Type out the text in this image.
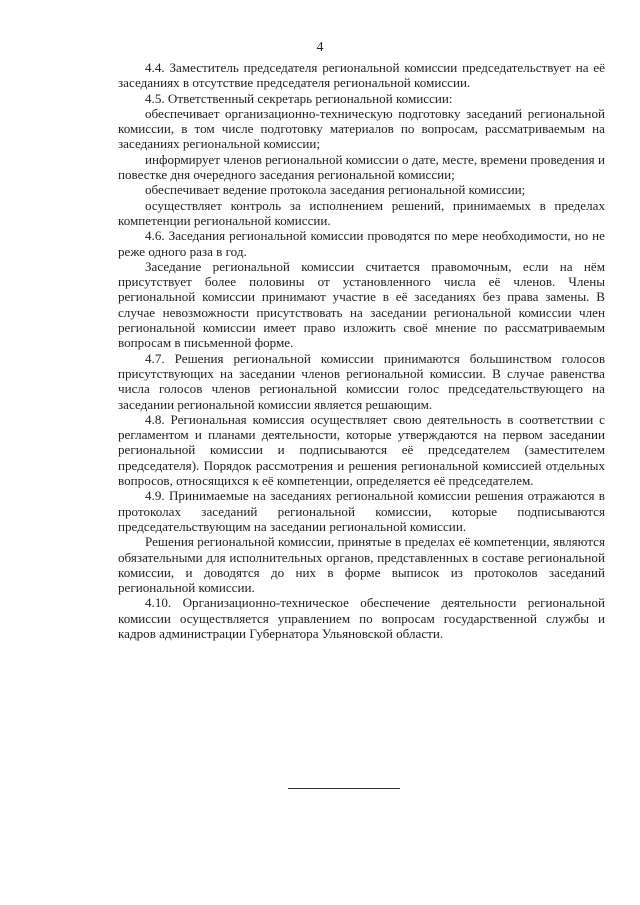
4

4.4. Заместитель председателя региональной комиссии председательствует на её заседаниях в отсутствие председателя региональной комиссии.

4.5. Ответственный секретарь региональной комиссии:

обеспечивает организационно-техническую подготовку заседаний региональной комиссии, в том числе подготовку материалов по вопросам, рассматриваемым на заседаниях региональной комиссии;

информирует членов региональной комиссии о дате, месте, времени проведения и повестке дня очередного заседания региональной комиссии;

обеспечивает ведение протокола заседания региональной комиссии;

осуществляет контроль за исполнением решений, принимаемых в пределах компетенции региональной комиссии.

4.6. Заседания региональной комиссии проводятся по мере необходимости, но не реже одного раза в год.

Заседание региональной комиссии считается правомочным, если на нём присутствует более половины от установленного числа её членов. Члены региональной комиссии принимают участие в её заседаниях без права замены. В случае невозможности присутствовать на заседании региональной комиссии член региональной комиссии имеет право изложить своё мнение по рассматриваемым вопросам в письменной форме.

4.7. Решения региональной комиссии принимаются большинством голосов присутствующих на заседании членов региональной комиссии. В случае равенства числа голосов членов региональной комиссии голос председательствующего на заседании региональной комиссии является решающим.

4.8. Региональная комиссия осуществляет свою деятельность в соответствии с регламентом и планами деятельности, которые утверждаются на первом заседании региональной комиссии и подписываются её председателем (заместителем председателя). Порядок рассмотрения и решения региональной комиссией отдельных вопросов, относящихся к её компетенции, определяется её председателем.

4.9. Принимаемые на заседаниях региональной комиссии решения отражаются в протоколах заседаний региональной комиссии, которые подписываются председательствующим на заседании региональной комиссии.

Решения региональной комиссии, принятые в пределах её компетенции, являются обязательными для исполнительных органов, представленных в составе региональной комиссии, и доводятся до них в форме выписок из протоколов заседаний региональной комиссии.

4.10. Организационно-техническое обеспечение деятельности региональной комиссии осуществляется управлением по вопросам государственной службы и кадров администрации Губернатора Ульяновской области.
